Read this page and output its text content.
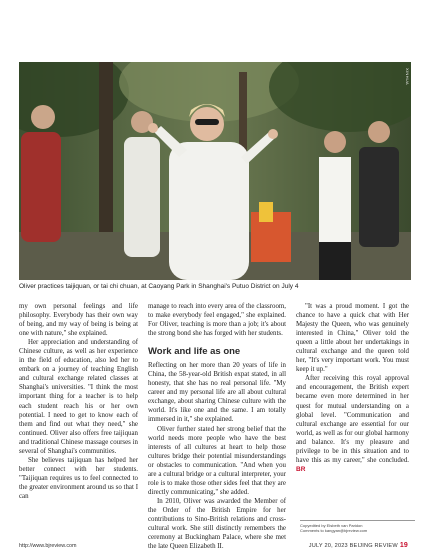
XINHUA
Oliver practices taijiquan, or tai chi chuan, at Caoyang Park in Shanghai's Putuo District on July 4

my own personal feelings and life philosophy. Everybody has their own way of being, and my way of being is being at one with nature," she explained.

Her appreciation and understanding of Chinese culture, as well as her experience in the field of education, also led her to embark on a journey of teaching English and cultural exchange related classes at Shanghai's universities. "I think the most important thing for a teacher is to help each student reach his or her own potential. I need to get to know each of them and find out what they need," she continued. Oliver also offers free taijiquan and traditional Chinese massage courses in several of Shanghai's communities.

She believes taijiquan has helped her better connect with her students. "Taijiquan requires us to feel connected to the greater environment around us so that I can

manage to reach into every area of the classroom, to make everybody feel engaged," she explained. For Oliver, teaching is more than a job; it's about the strong bond she has forged with her students.

Work and life as one

Reflecting on her more than 20 years of life in China, the 58-year-old British expat stated, in all honesty, that she has no real personal life. "My career and my personal life are all about cultural exchange, about sharing Chinese culture with the world. It's like one and the same. I am totally immersed in it," she explained.

Oliver further stated her strong belief that the world needs more people who have the best interests of all cultures at heart to help those cultures bridge their potential misunderstandings or obstacles to communication. "And when you are a cultural bridge or a cultural interpreter, your role is to make those other sides feel that they are directly communicating," she added.

In 2010, Oliver was awarded the Member of the Order of the British Empire for her contributions to Sino-British relations and cross-cultural work. She still distinctly remembers the ceremony at Buckingham Palace, where she met the late Queen Elizabeth II.

"It was a proud moment. I got the chance to have a quick chat with Her Majesty the Queen, who was genuinely interested in China," Oliver told the queen a little about her undertakings in cultural exchange and the queen told her, "It's very important work. You must keep it up."

After receiving this royal approval and encouragement, the British expert became even more determined in her quest for mutual understanding on a global level. "Communication and cultural exchange are essential for our world, as well as for our global harmony and balance. It's my pleasure and privilege to be in this situation and to have this as my career," she concluded. BR

Copyedited by Elsbeth van Paridon
Comments to kangyan@bjreview.com
http://www.bjreview.com	JULY 20, 2023 BEIJING REVIEW 19
